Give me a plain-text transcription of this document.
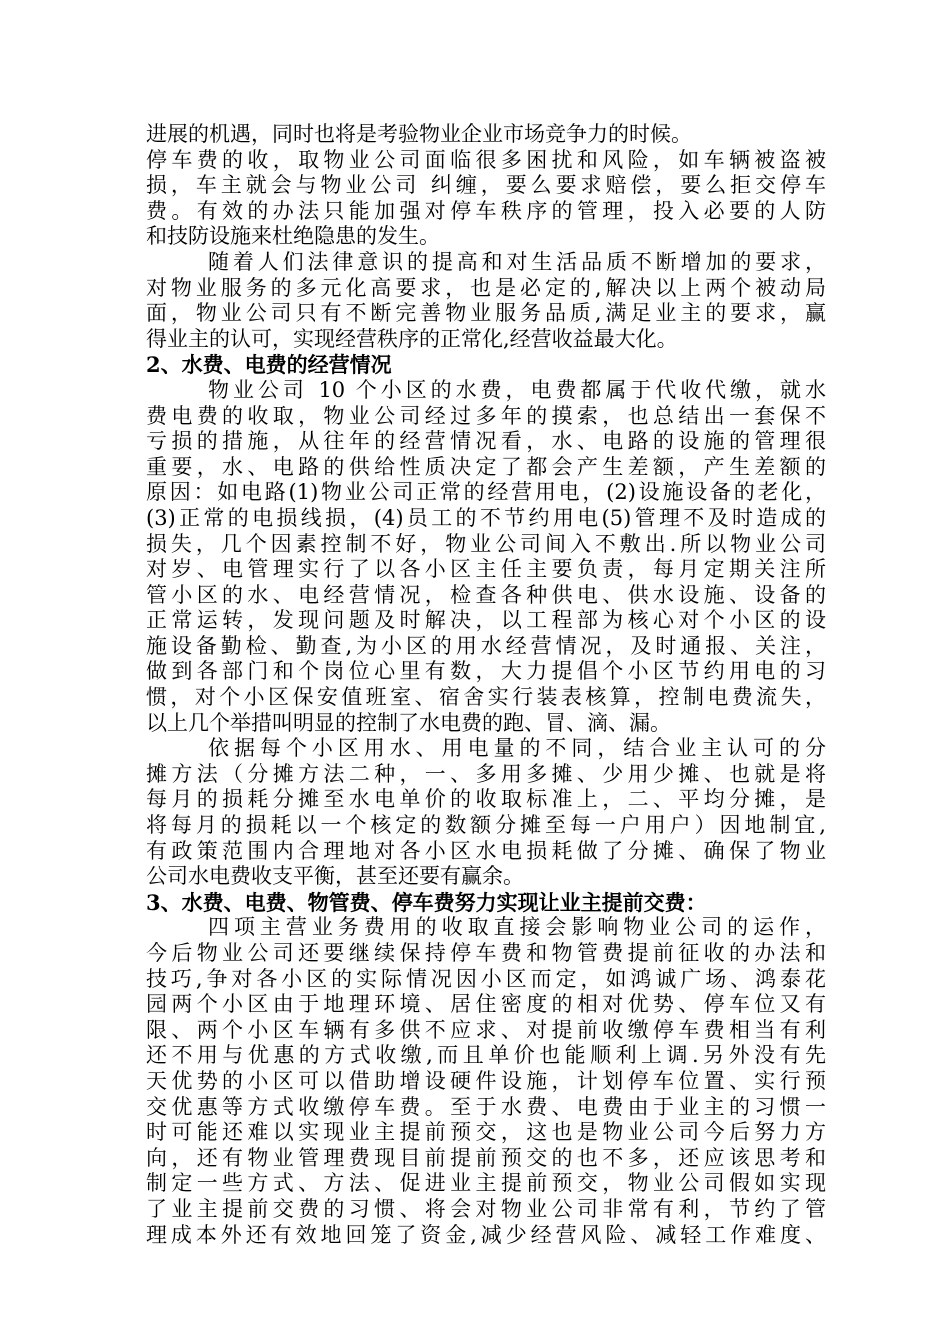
进展的机遇，同时也将是考验物业企业市场竞争力的时候。
停车费的收，取物业公司面临很多困扰和风险，如车辆被盗被
损，车主就会与物业公司 纠缠，要么要求赔偿，要么拒交停车
费。有效的办法只能加强对停车秩序的管理，投入必要的人防
和技防设施来杜绝隐患的发生。
随着人们法律意识的提高和对生活品质不断增加的要求，
对物业服务的多元化高要求，也是必定的,解决以上两个被动局
面，物业公司只有不断完善物业服务品质,满足业主的要求，赢
得业主的认可，实现经营秩序的正常化,经营收益最大化。
2、水费、电费的经营情况
物业公司 10 个小区的水费，电费都属于代收代缴，就水
费电费的收取，物业公司经过多年的摸索，也总结出一套保不
亏损的措施，从往年的经营情况看，水、电路的设施的管理很
重要，水、电路的供给性质决定了都会产生差额，产生差额的
原因：如电路(1)物业公司正常的经营用电，(2)设施设备的老化，
(3)正常的电损线损，(4)员工的不节约用电(5)管理不及时造成的
损失，几个因素控制不好，物业公司间入不敷出.所以物业公司
对岁、电管理实行了以各小区主任主要负责，每月定期关注所
管小区的水、电经营情况，检查各种供电、供水设施、设备的
正常运转，发现问题及时解决，以工程部为核心对个小区的设
施设备勤检、勤查,为小区的用水经营情况，及时通报、关注，
做到各部门和个岗位心里有数，大力提倡个小区节约用电的习
惯，对个小区保安值班室、宿舍实行装表核算，控制电费流失，
以上几个举措叫明显的控制了水电费的跑、冒、滴、漏。
依据每个小区用水、用电量的不同，结合业主认可的分
摊方法（分摊方法二种，一、多用多摊、少用少摊、也就是将
每月的损耗分摊至水电单价的收取标准上，二、平均分摊，是
将每月的损耗以一个核定的数额分摊至每一户用户）因地制宜,
有政策范围内合理地对各小区水电损耗做了分摊、确保了物业
公司水电费收支平衡，甚至还要有赢余。
3、水费、电费、物管费、停车费努力实现让业主提前交费：
四项主营业务费用的收取直接会影响物业公司的运作，
今后物业公司还要继续保持停车费和物管费提前征收的办法和
技巧,争对各小区的实际情况因小区而定，如鸿诚广场、鸿泰花
园两个小区由于地理环境、居住密度的相对优势、停车位又有
限、两个小区车辆有多供不应求、对提前收缴停车费相当有利
还不用与优惠的方式收缴,而且单价也能顺利上调.另外没有先
天优势的小区可以借助增设硬件设施，计划停车位置、实行预
交优惠等方式收缴停车费。至于水费、电费由于业主的习惯一
时可能还难以实现业主提前预交，这也是物业公司今后努力方
向，还有物业管理费现目前提前预交的也不多，还应该思考和
制定一些方式、方法、促进业主提前预交，物业公司假如实现
了业主提前交费的习惯、将会对物业公司非常有利，节约了管
理成本外还有效地回笼了资金,减少经营风险、减轻工作难度、
